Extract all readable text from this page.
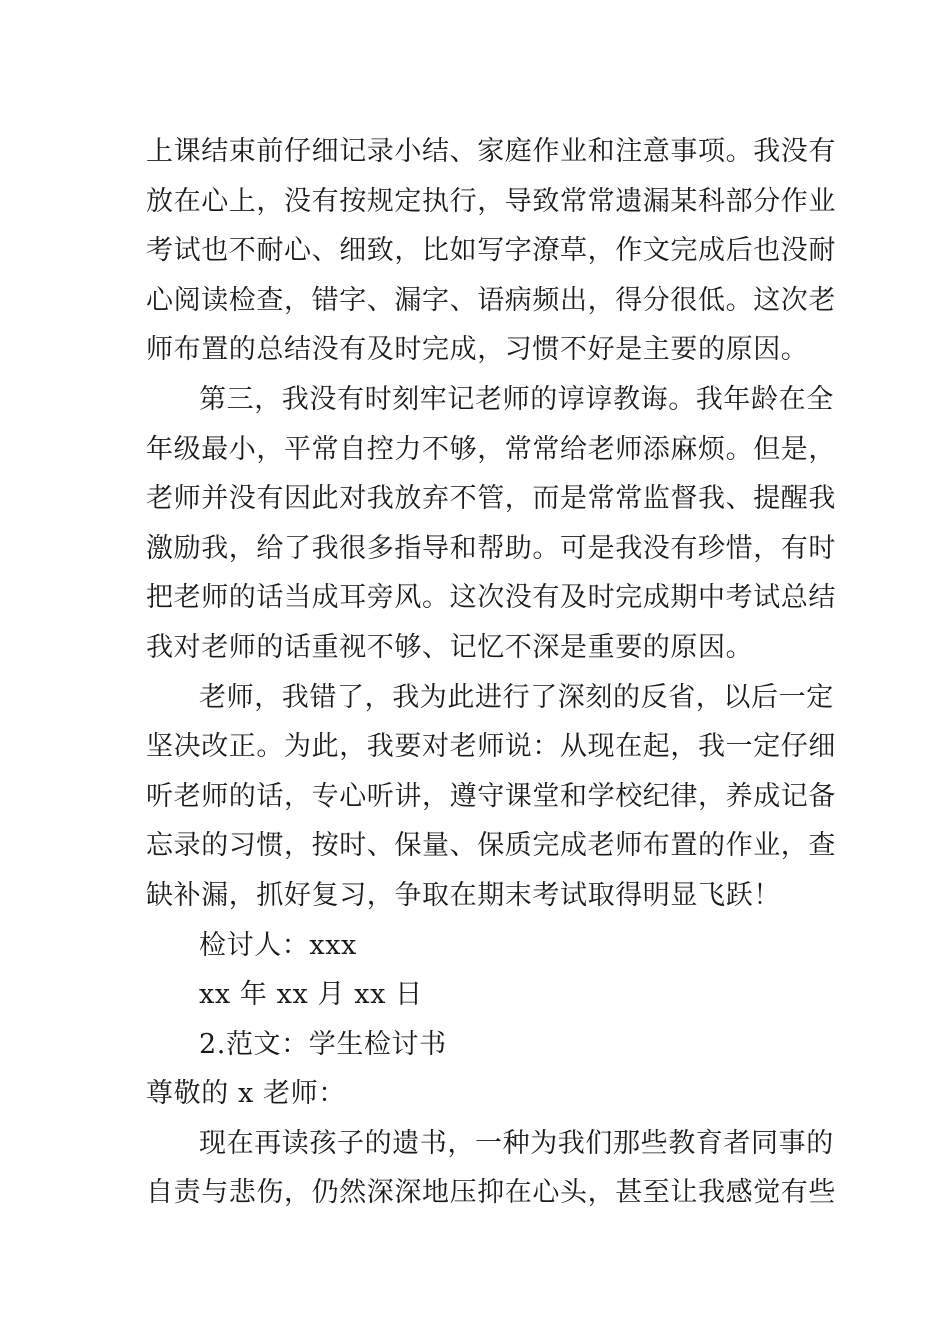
上课结束前仔细记录小结、家庭作业和注意事项。我没有
放在心上，没有按规定执行，导致常常遗漏某科部分作业
考试也不耐心、细致，比如写字潦草，作文完成后也没耐
心阅读检查，错字、漏字、语病频出，得分很低。这次老
师布置的总结没有及时完成，习惯不好是主要的原因。
第三，我没有时刻牢记老师的谆谆教诲。我年龄在全
年级最小，平常自控力不够，常常给老师添麻烦。但是，
老师并没有因此对我放弃不管，而是常常监督我、提醒我
激励我，给了我很多指导和帮助。可是我没有珍惜，有时
把老师的话当成耳旁风。这次没有及时完成期中考试总结
我对老师的话重视不够、记忆不深是重要的原因。
老师，我错了，我为此进行了深刻的反省，以后一定
坚决改正。为此，我要对老师说：从现在起，我一定仔细
听老师的话，专心听讲，遵守课堂和学校纪律，养成记备
忘录的习惯，按时、保量、保质完成老师布置的作业，查
缺补漏，抓好复习，争取在期末考试取得明显飞跃！
检讨人：xxx
xx 年 xx 月 xx 日
2.范文：学生检讨书
尊敬的 x 老师：
现在再读孩子的遗书，一种为我们那些教育者同事的
自责与悲伤，仍然深深地压抑在心头，甚至让我感觉有些
